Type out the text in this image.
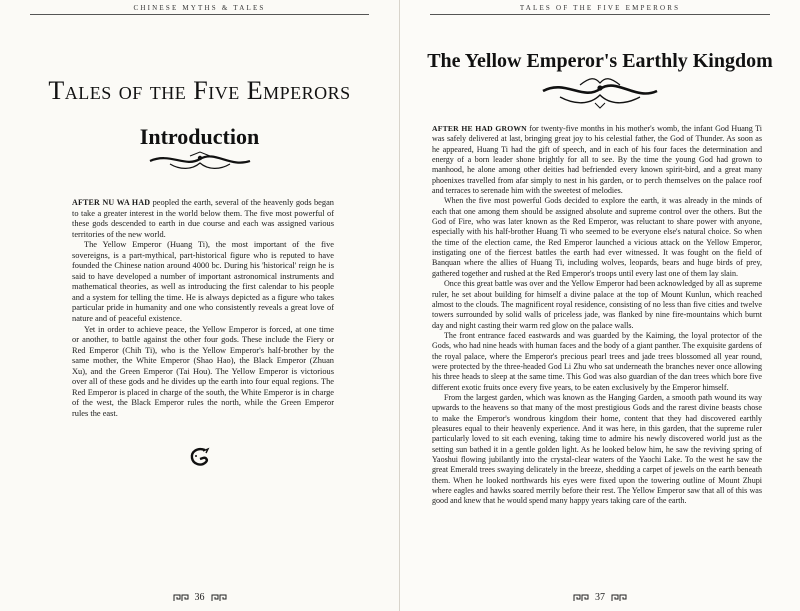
CHINESE MYTHS & TALES
Tales of the Five Emperors
Introduction

AFTER NU WA HAD peopled the earth, several of the heavenly gods began to take a greater interest in the world below them. The five most powerful of these gods descended to earth in due course and each was assigned various territories of the new world.

The Yellow Emperor (Huang Ti), the most important of the five sovereigns, is a part-mythical, part-historical figure who is reputed to have founded the Chinese nation around 4000 bc. During his 'historical' reign he is said to have developed a number of important astronomical instruments and mathematical theories, as well as introducing the first calendar to his people and a system for telling the time. He is always depicted as a figure who takes particular pride in humanity and one who consistently reveals a great love of nature and of peaceful existence.

Yet in order to achieve peace, the Yellow Emperor is forced, at one time or another, to battle against the other four gods. These include the Fiery or Red Emperor (Chih Ti), who is the Yellow Emperor's half-brother by the same mother, the White Emperor (Shao Hao), the Black Emperor (Zhuan Xu), and the Green Emperor (Tai Hou). The Yellow Emperor is victorious over all of these gods and he divides up the earth into four equal regions. The Red Emperor is placed in charge of the south, the White Emperor is in charge of the west, the Black Emperor rules the north, while the Green Emperor rules the east.

36
TALES OF THE FIVE EMPERORS
The Yellow Emperor's Earthly Kingdom

AFTER HE HAD GROWN for twenty-five months in his mother's womb, the infant God Huang Ti was safely delivered at last, bringing great joy to his celestial father, the God of Thunder. As soon as he appeared, Huang Ti had the gift of speech, and in each of his four faces the determination and energy of a born leader shone brightly for all to see. By the time the young God had grown to manhood, he alone among other deities had befriended every known spirit-bird, and a great many phoenixes travelled from afar simply to nest in his garden, or to perch themselves on the palace roof and terraces to serenade him with the sweetest of melodies.

When the five most powerful Gods decided to explore the earth, it was already in the minds of each that one among them should be assigned absolute and supreme control over the others. But the God of Fire, who was later known as the Red Emperor, was reluctant to share power with anyone, especially with his half-brother Huang Ti who seemed to be everyone else's natural choice. So when the time of the election came, the Red Emperor launched a vicious attack on the Yellow Emperor, instigating one of the fiercest battles the earth had ever witnessed. It was fought on the field of Banquan where the allies of Huang Ti, including wolves, leopards, bears and huge birds of prey, gathered together and rushed at the Red Emperor's troops until every last one of them lay slain.

Once this great battle was over and the Yellow Emperor had been acknowledged by all as supreme ruler, he set about building for himself a divine palace at the top of Mount Kunlun, which reached almost to the clouds. The magnificent royal residence, consisting of no less than five cities and twelve towers surrounded by solid walls of priceless jade, was flanked by nine fire-mountains which burnt day and night casting their warm red glow on the palace walls.

The front entrance faced eastwards and was guarded by the Kaiming, the loyal protector of the Gods, who had nine heads with human faces and the body of a giant panther. The exquisite gardens of the royal palace, where the Emperor's precious pearl trees and jade trees blossomed all year round, were protected by the three-headed God Li Zhu who sat underneath the branches never once allowing his three heads to sleep at the same time. This God was also guardian of the dan trees which bore five different exotic fruits once every five years, to be eaten exclusively by the Emperor himself.

From the largest garden, which was known as the Hanging Garden, a smooth path wound its way upwards to the heavens so that many of the most prestigious Gods and the rarest divine beasts chose to make the Emperor's wondrous kingdom their home, content that they had discovered earthly pleasures equal to their heavenly experience. And it was here, in this garden, that the supreme ruler particularly loved to sit each evening, taking time to admire his newly discovered world just as the setting sun bathed it in a gentle golden light. As he looked below him, he saw the reviving spring of Yaoshui flowing jubilantly into the crystal-clear waters of the Yaochi Lake. To the west he saw the great Emerald trees swaying delicately in the breeze, shedding a carpet of jewels on the earth beneath them. When he looked northwards his eyes were fixed upon the towering outline of Mount Zhupi where eagles and hawks soared merrily before their rest. The Yellow Emperor saw that all of this was good and knew that he would spend many happy years taking care of the earth.

37
